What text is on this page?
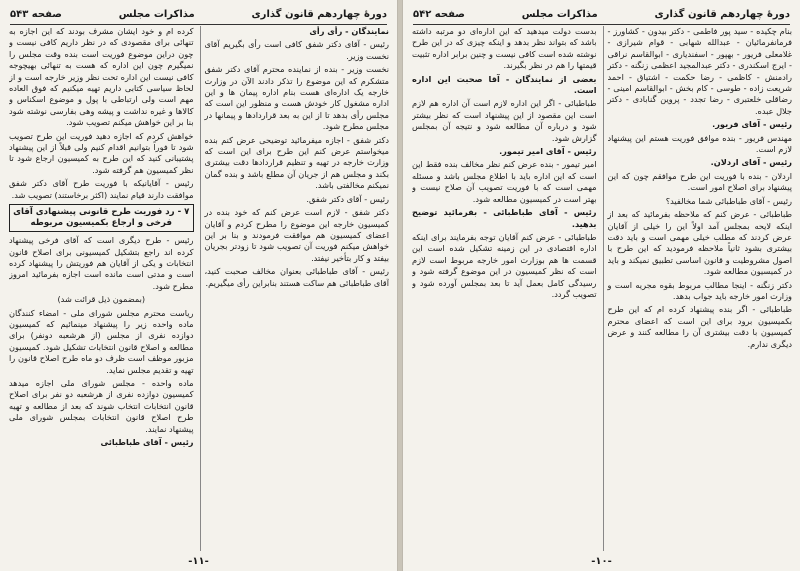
دورهٔ چهاردهم قانون گذاری
مذاکرات مجلس
صفحه ۵۴۳

نمایندگان - رأی رأی

رئیس - آقای دکتر شفق کافی است رأی بگیریم آقای نخست وزیر.

نخست وزیر - بنده از نماینده محترم آقای دکتر شفق متشکرم که این موضوع را تذکر دادند الآن در وزارت خارجه یک اداره‌ای هست بنام اداره پیمان ها و این اداره مشغول کار خودش هست و منظور این است که مجلس رأی بدهد تا از این به بعد قراردادها و پیمانها در مجلس مطرح شود.

دکتر شفق - اجازه میفرمائید توضیحی عرض کنم بنده میخواستم عرض کنم این طرح برای این است که وزارت خارجه در تهیه و تنظیم قراردادها دقت بیشتری بکند و مجلس هم از جریان آن مطلع باشد و بنده گمان نمیکنم مخالفتی باشد.

رئیس - آقای دکتر شفق.

دکتر شفق - لازم است عرض کنم که خود بنده در کمیسیون خارجه این موضوع را مطرح کردم و آقایان اعضای کمیسیون هم موافقت فرمودند و بنا بر این خواهش میکنم فوریت آن تصویب شود تا زودتر بجریان بیفتد و کار بتأخیر نیفتد.

رئیس - آقای طباطبائی بعنوان مخالف صحبت کنید، آقای طباطبائی هم ساکت هستند بنابراین رأی میگیریم.

کرده ام و خود ایشان مشرف بودند که این اجازه به تنهائی برای مقصودی که در نظر داریم کافی نیست و چون دراین موضوع فوریت است بنده وقت مجلس را نمیگیرم چون این اداره که هست به تنهائی بهیچوجه کافی نیست این اداره تحت نظر وزیر خارجه است و از لحاظ سیاسی کتابی داریم تهیه میکنیم که فوق العاده مهم است ولی ارتباطی با پول و موضوع اسکناس و کالاها و غیره نداشت و پیشه وهی بفارسی نوشته شود بنا بر این خواهش میکنم تصویب شود.

خواهش کردم که اجازه دهید فوریت این طرح تصویب شود تا فوراً بتوانیم اقدام کنیم ولی قبلاً از این پیشنهاد پشتیبانی کنید که این طرح به کمیسیون ارجاع شود تا نظر کمیسیون هم گرفته شود.

رئیس - آقایانیکه با فوریت طرح آقای دکتر شفق موافقت دارند قیام نمایند (اکثر برخاستند) تصویب شد.

۷ - رد فوریت طرح قانونی پیشنهادی آقای فرخی و ارجاع بکمیسیون مربوطه

رئیس - طرح دیگری است که آقای فرخی پیشنهاد کرده اند راجع بتشکیل کمیسیونی برای اصلاح قانون انتخابات و یکی از آقایان هم فوریتش را پیشنهاد کرده است و مدتی است مانده است اجازه بفرمائید امروز مطرح شود.

(بمضمون ذیل قرائت شد)

ریاست محترم مجلس شورای ملی - امضاء کنندگان ماده واحده زیر را پیشنهاد مینمائیم که کمیسیون دوازده نفری از مجلس (از هرشعبه دونفر) برای مطالعه و اصلاح قانون انتخابات تشکیل شود. کمیسیون مزبور موظف است ظرف دو ماه طرح اصلاح قانون را تهیه و تقدیم مجلس نماید.

ماده واحده - مجلس شورای ملی اجازه میدهد کمیسیون دوازده نفری از هرشعبه دو نفر برای اصلاح قانون انتخابات انتخاب شوند که بعد از مطالعه و تهیه طرح اصلاح قانون انتخابات بمجلس شورای ملی پیشنهاد نمایند.

رئیس - آقای طباطبائی

-۱۱-
دورهٔ چهاردهم قانون گذاری
مذاکرات مجلس
صفحه ۵۴۲

بنام چکیده - سید پور فاطمی - دکتر بیدون - کشاورز - فرمانفرمائیان - عبدالله شهابی - قوام شیرازی - غلامعلی فریور - بهپور - اسفندیاری - ابوالقاسم نراقی - ایرج اسکندری - دکتر عبدالمجید اعظمی زنگنه - دکتر رادمنش - کاظمی - رضا حکمت - اشتیاق - احمد شریعت زاده - طوسی - کام بخش - ابوالقاسم امینی - رضاقلی خلعتبری - رضا تجدد - پروین گنابادی - دکتر جلال عبده.

رئیس - آقای فریور.

مهندس فریور - بنده موافق فوریت هستم این پیشنهاد لازم است.

رئیس - آقای اردلان.

اردلان - بنده با فوریت این طرح موافقم چون که این پیشنهاد برای اصلاح امور است.

رئیس - آقای طباطبائی شما مخالفید؟

طباطبائی - عرض کنم که ملاحظه بفرمائید که بعد از اینکه لایحه بمجلس آمد اولاً این را خیلی از آقایان عرض کردند که مطلب خیلی مهمی است و باید دقت بیشتری بشود ثانیاً ملاحظه فرمودید که این طرح با اصول مشروطیت و قانون اساسی تطبیق نمیکند و باید در کمیسیون مطالعه شود.

دکتر زنگنه - اینجا مطالب مربوط بقوه مجریه است و وزارت امور خارجه باید جواب بدهد.

طباطبائی - اگر بنده پیشنهاد کرده ام که این طرح بکمیسیون برود برای این است که اعضای محترم کمیسیون با دقت بیشتری آن را مطالعه کنند و عرض دیگری ندارم.

بدست دولت میدهید که این اداره‌ای دو مرتبه داشته باشد که بتواند نظر بدهد و اینکه چیزی که در این طرح نوشته شده است کافی نیست و چنین برابر اداره تثبیت قیمتها را هم در نظر بگیرند.

بعضی از نمایندگان - آقا صحبت این اداره است.

طباطبائی - اگر این اداره لازم است آن اداره هم لازم است این مقصود از این پیشنهاد است که نظر بیشتر شود و درباره آن مطالعه شود و نتیجه آن بمجلس گزارش شود.

رئیس - آقای امیر تیمور.

امیر تیمور - بنده عرض کنم نظر مخالف بنده فقط این است که این اداره باید با اطلاع مجلس باشد و مسئله مهمی است که با فوریت تصویب آن صلاح نیست و بهتر است در کمیسیون مطالعه شود.

رئیس - آقای طباطبائی - بفرمائید توضیح بدهید.

طباطبائی - عرض کنم آقایان توجه بفرمایند برای اینکه اداره اقتصادی در این زمینه تشکیل شده است این قسمت ها هم بوزارت امور خارجه مربوط است لازم است که نظر کمیسیون در این موضوع گرفته شود و رسیدگی کامل بعمل آید تا بعد بمجلس آورده شود و تصویب گردد.

-۱۰-
